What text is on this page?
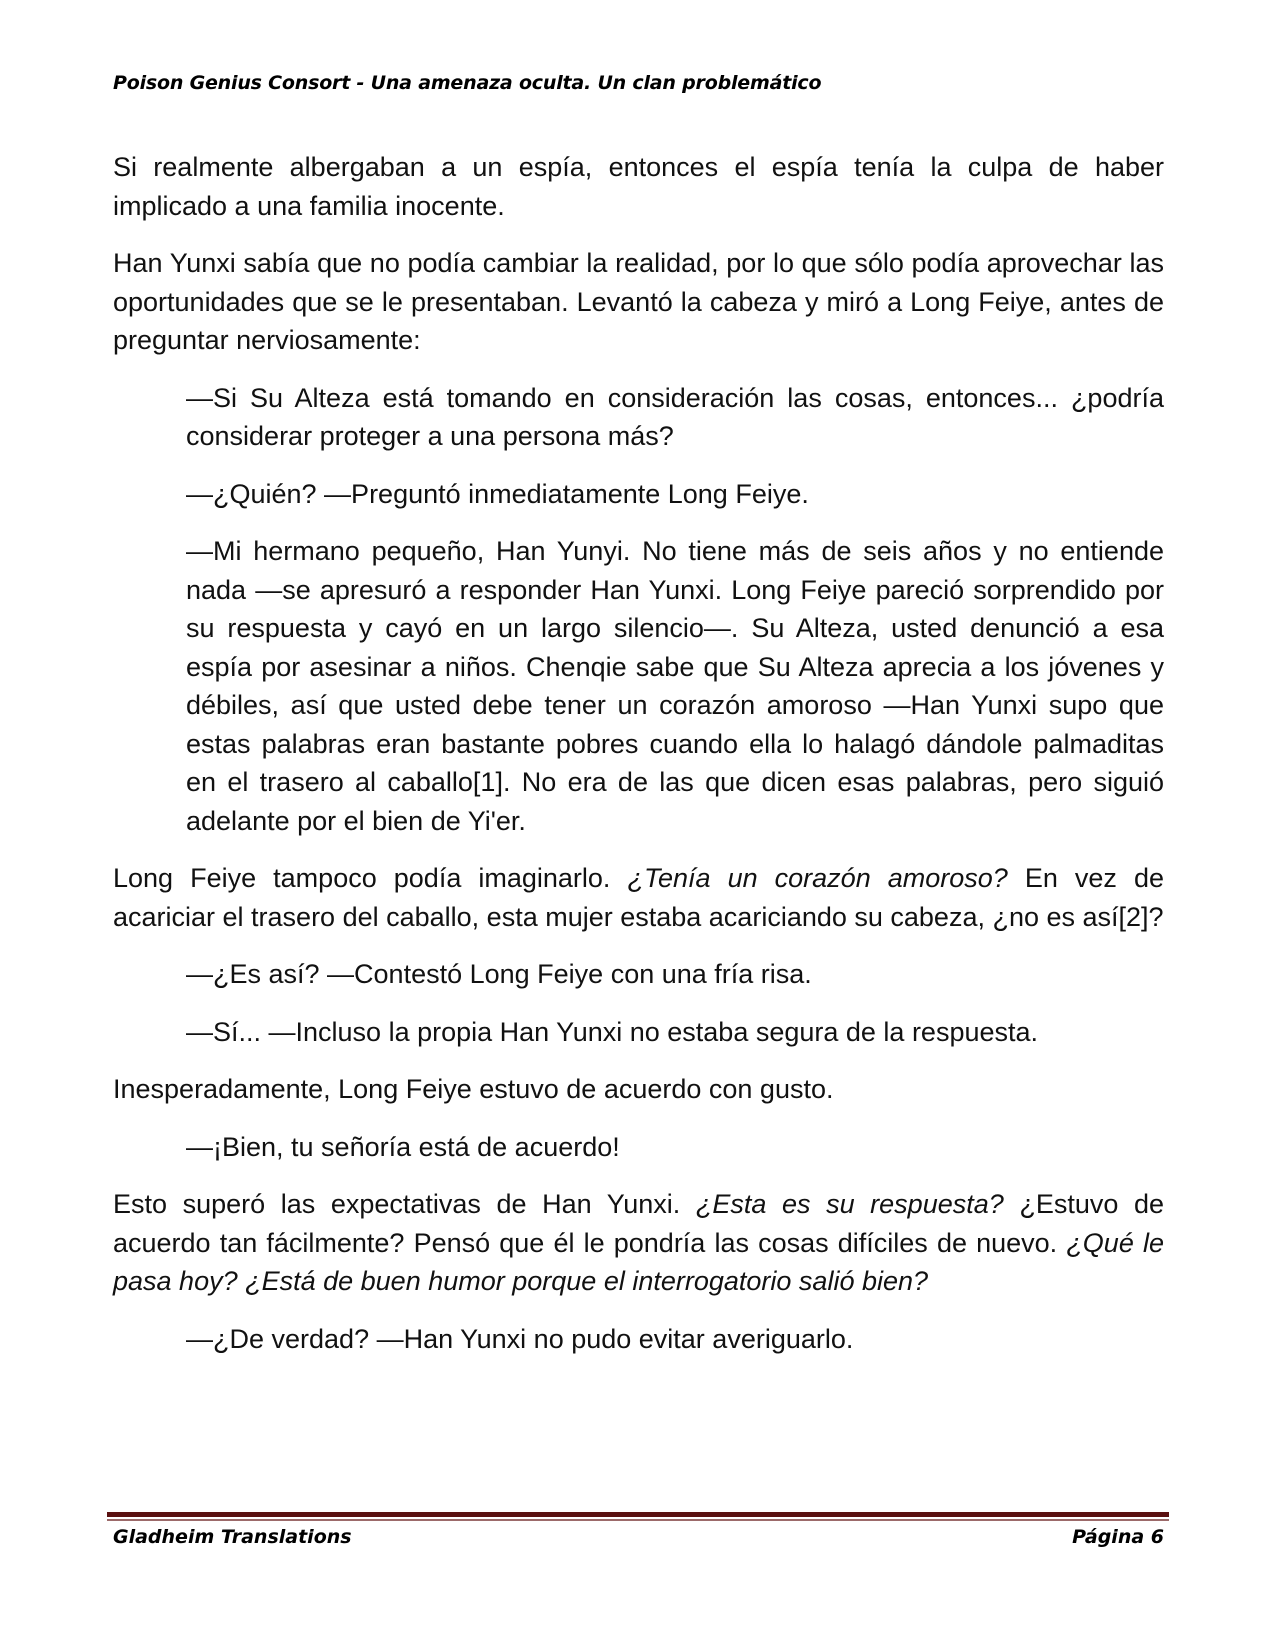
Poison Genius Consort - Una amenaza oculta. Un clan problemático

Si realmente albergaban a un espía, entonces el espía tenía la culpa de haber implicado a una familia inocente.

Han Yunxi sabía que no podía cambiar la realidad, por lo que sólo podía aprovechar las oportunidades que se le presentaban. Levantó la cabeza y miró a Long Feiye, antes de preguntar nerviosamente:

—Si Su Alteza está tomando en consideración las cosas, entonces... ¿podría considerar proteger a una persona más?

—¿Quién? —Preguntó inmediatamente Long Feiye.

—Mi hermano pequeño, Han Yunyi. No tiene más de seis años y no entiende nada —se apresuró a responder Han Yunxi. Long Feiye pareció sorprendido por su respuesta y cayó en un largo silencio—. Su Alteza, usted denunció a esa espía por asesinar a niños. Chenqie sabe que Su Alteza aprecia a los jóvenes y débiles, así que usted debe tener un corazón amoroso —Han Yunxi supo que estas palabras eran bastante pobres cuando ella lo halagó dándole palmaditas en el trasero al caballo[1]. No era de las que dicen esas palabras, pero siguió adelante por el bien de Yi'er.

Long Feiye tampoco podía imaginarlo. ¿Tenía un corazón amoroso? En vez de acariciar el trasero del caballo, esta mujer estaba acariciando su cabeza, ¿no es así[2]?

—¿Es así? —Contestó Long Feiye con una fría risa.

—Sí... —Incluso la propia Han Yunxi no estaba segura de la respuesta.

Inesperadamente, Long Feiye estuvo de acuerdo con gusto.

—¡Bien, tu señoría está de acuerdo!

Esto superó las expectativas de Han Yunxi. ¿Esta es su respuesta? ¿Estuvo de acuerdo tan fácilmente? Pensó que él le pondría las cosas difíciles de nuevo. ¿Qué le pasa hoy? ¿Está de buen humor porque el interrogatorio salió bien?

—¿De verdad? —Han Yunxi no pudo evitar averiguarlo.

Gladheim Translations	Página 6
